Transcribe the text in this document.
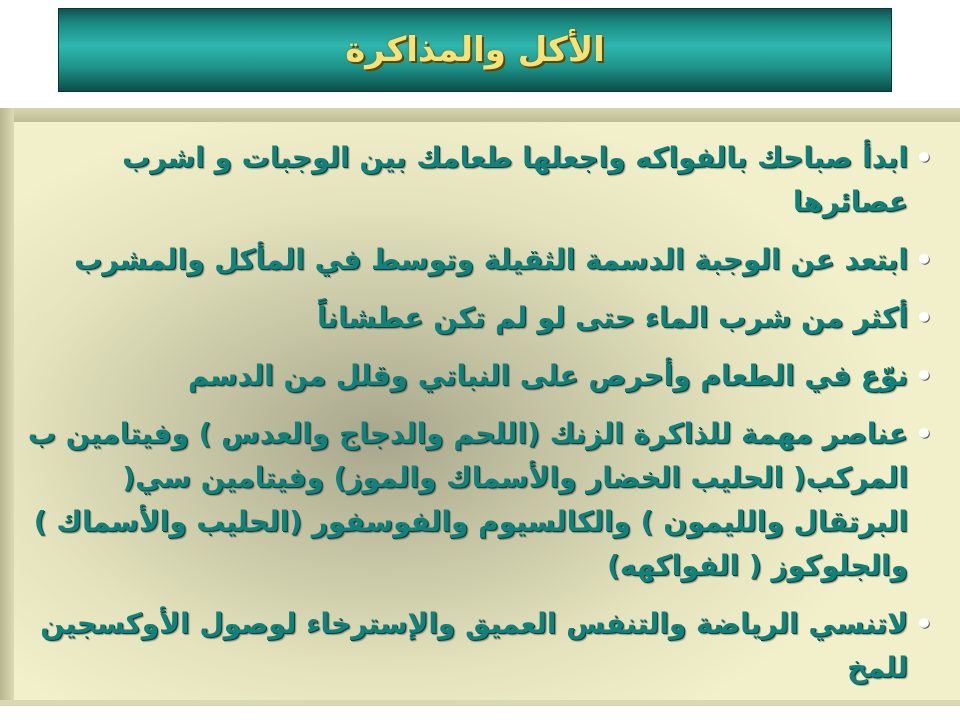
الأكل والمذاكرة
•
ابدأ صباحك بالفواكه واجعلها طعامك بين الوجبات و اشرب عصائرها
•
ابتعد عن الوجبة الدسمة الثقيلة وتوسط في المأكل والمشرب
•
أكثر من شرب الماء حتى لو لم تكن عطشاناً
•
نوّع في الطعام وأحرص على النباتي وقلل من الدسم
•
عناصر مهمة للذاكرة الزنك (اللحم والدجاج والعدس ) وفيتامين ب المركب( الحليب الخضار والأسماك والموز) وفيتامين سي( البرتقال والليمون ) والكالسيوم والفوسفور (الحليب والأسماك ) والجلوكوز ( الفواكهه)
•
لاتنسي الرياضة والتنفس العميق والإسترخاء لوصول الأوكسجين للمخ
